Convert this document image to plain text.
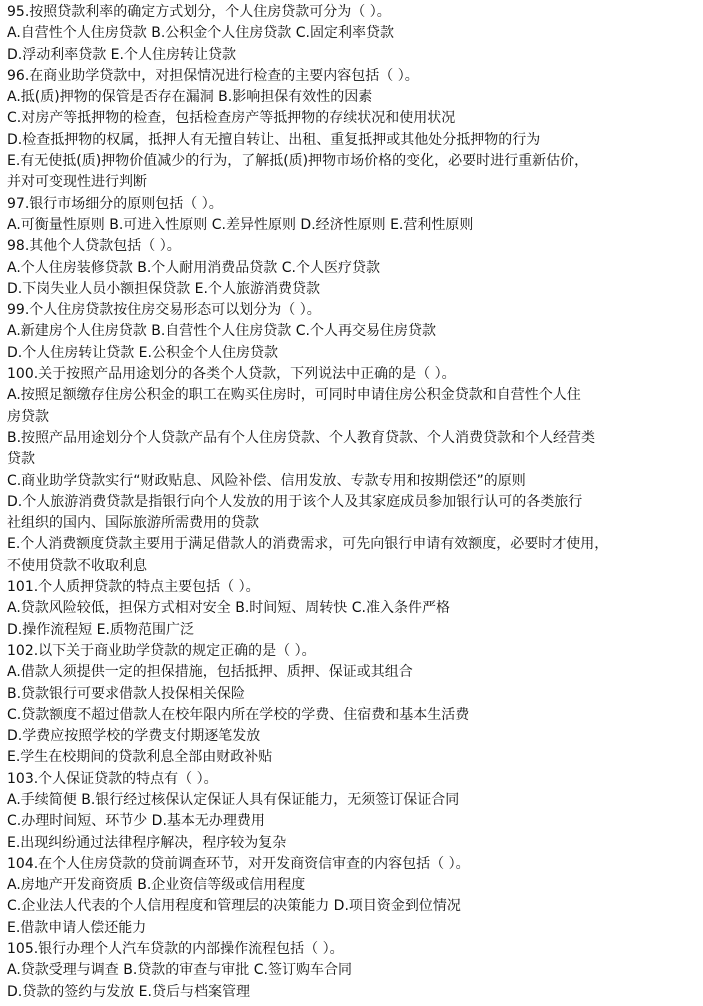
95.按照贷款利率的确定方式划分，个人住房贷款可分为（ ）。
A.自营性个人住房贷款 B.公积金个人住房贷款 C.固定利率贷款
D.浮动利率贷款 E.个人住房转让贷款
96.在商业助学贷款中，对担保情况进行检查的主要内容包括（ ）。
A.抵(质)押物的保管是否存在漏洞 B.影响担保有效性的因素
C.对房产等抵押物的检查，包括检查房产等抵押物的存续状况和使用状况
D.检查抵押物的权属，抵押人有无擅自转让、出租、重复抵押或其他处分抵押物的行为
E.有无使抵(质)押物价值减少的行为，了解抵(质)押物市场价格的变化，必要时进行重新估价，
并对可变现性进行判断
97.银行市场细分的原则包括（ ）。
A.可衡量性原则 B.可进入性原则 C.差异性原则 D.经济性原则 E.营利性原则
98.其他个人贷款包括（ ）。
A.个人住房装修贷款 B.个人耐用消费品贷款 C.个人医疗贷款
D.下岗失业人员小额担保贷款 E.个人旅游消费贷款
99.个人住房贷款按住房交易形态可以划分为（ ）。
A.新建房个人住房贷款 B.自营性个人住房贷款 C.个人再交易住房贷款
D.个人住房转让贷款 E.公积金个人住房贷款
100.关于按照产品用途划分的各类个人贷款，下列说法中正确的是（ ）。
A.按照足额缴存住房公积金的职工在购买住房时，可同时申请住房公积金贷款和自营性个人住
房贷款
B.按照产品用途划分个人贷款产品有个人住房贷款、个人教育贷款、个人消费贷款和个人经营类
贷款
C.商业助学贷款实行“财政贴息、风险补偿、信用发放、专款专用和按期偿还”的原则
D.个人旅游消费贷款是指银行向个人发放的用于该个人及其家庭成员参加银行认可的各类旅行
社组织的国内、国际旅游所需费用的贷款
E.个人消费额度贷款主要用于满足借款人的消费需求，可先向银行申请有效额度，必要时才使用，
不使用贷款不收取利息
101.个人质押贷款的特点主要包括（ ）。
A.贷款风险较低，担保方式相对安全 B.时间短、周转快 C.准入条件严格
D.操作流程短 E.质物范围广泛
102.以下关于商业助学贷款的规定正确的是（ ）。
A.借款人须提供一定的担保措施，包括抵押、质押、保证或其组合
B.贷款银行可要求借款人投保相关保险
C.贷款额度不超过借款人在校年限内所在学校的学费、住宿费和基本生活费
D.学费应按照学校的学费支付期逐笔发放
E.学生在校期间的贷款利息全部由财政补贴
103.个人保证贷款的特点有（ ）。
A.手续简便 B.银行经过核保认定保证人具有保证能力，无须签订保证合同
C.办理时间短、环节少 D.基本无办理费用
E.出现纠纷通过法律程序解决，程序较为复杂
104.在个人住房贷款的贷前调查环节，对开发商资信审查的内容包括（ ）。
A.房地产开发商资质 B.企业资信等级或信用程度
C.企业法人代表的个人信用程度和管理层的决策能力 D.项目资金到位情况
E.借款申请人偿还能力
105.银行办理个人汽车贷款的内部操作流程包括（ ）。
A.贷款受理与调查 B.贷款的审查与审批 C.签订购车合同
D.贷款的签约与发放 E.贷后与档案管理
